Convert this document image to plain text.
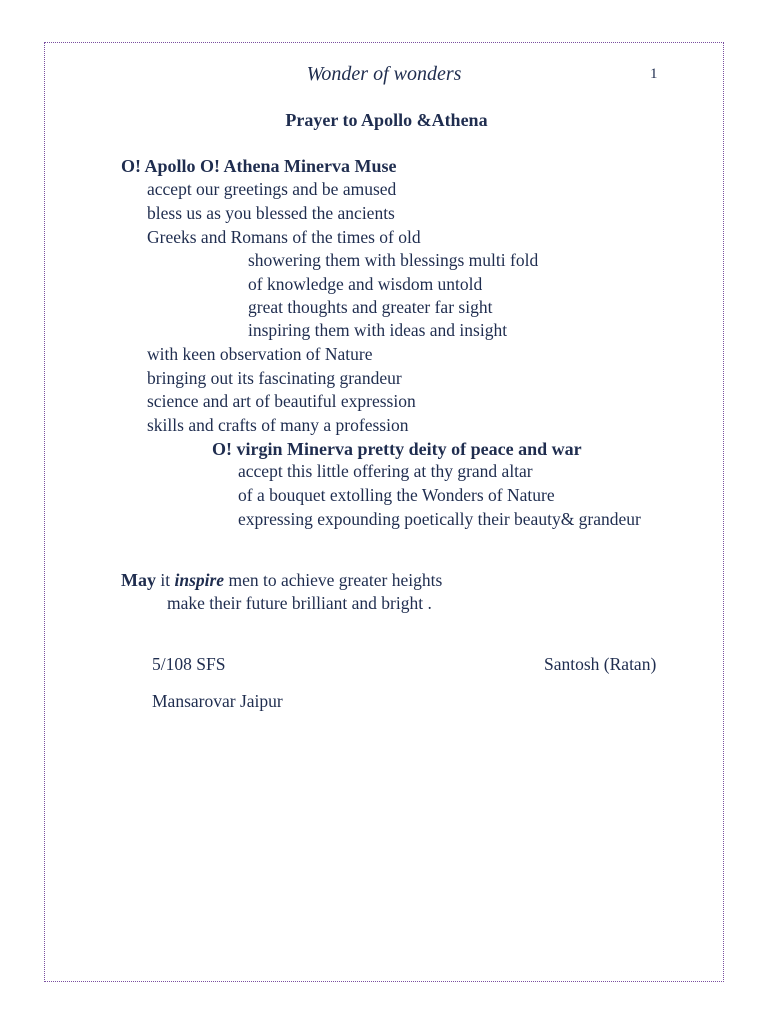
Wonder of wonders	1
Prayer to Apollo &Athena
O! Apollo O! Athena Minerva Muse
accept our greetings and be amused
bless us as you blessed the ancients
Greeks and Romans of the times of old
showering them with blessings multi fold
of knowledge and wisdom untold
great thoughts and greater far sight
inspiring them with ideas and insight
with keen observation of Nature
bringing out its fascinating grandeur
science and art of beautiful expression
skills and crafts of many a profession
O! virgin Minerva pretty deity of peace and war
accept this little offering at thy grand altar
of a bouquet extolling the Wonders of Nature
expressing expounding poetically their beauty& grandeur
May it inspire men to achieve greater heights
make their future brilliant and bright .
5/108 SFS	Santosh (Ratan)
Mansarovar Jaipur
